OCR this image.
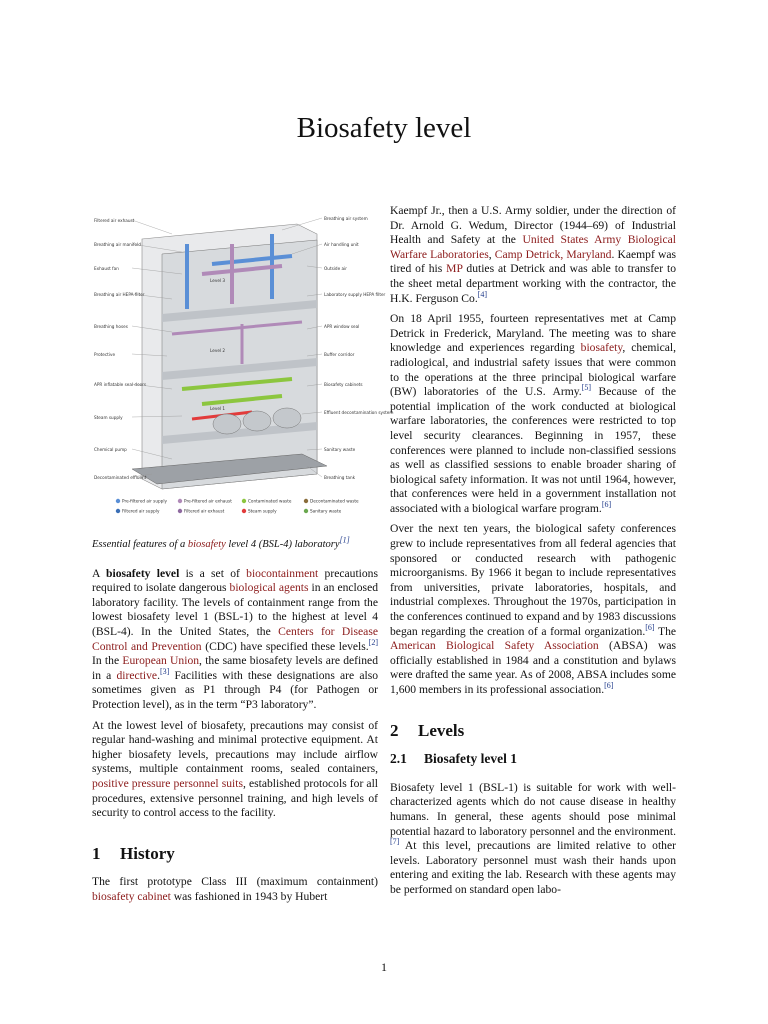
Biosafety level
Level 3
Level 2
Level 1
Filtered air exhaust
Breathing air manifold
Exhaust fan
Breathing air HEPA filter
Breathing hoses
Protective
APR inflatable seal doors
Steam supply
Chemical pump
Decontaminated effluent
Breathing air system
Air handling unit
Outside air
Laboratory supply HEPA filter
APR window seal
Buffer corridor
Biosafety cabinets
Effluent decontamination system
Sanitary waste
Breathing tank
Pre-filtered air supply	Pre-filtered air exhaust	Contaminated waste	Decontaminated waste
Filtered air supply	Filtered air exhaust	Steam supply	Sanitary waste
Essential features of a biosafety level 4 (BSL-4) laboratory[1]

A biosafety level is a set of biocontainment precautions required to isolate dangerous biological agents in an enclosed laboratory facility. The levels of containment range from the lowest biosafety level 1 (BSL-1) to the highest at level 4 (BSL-4). In the United States, the Centers for Disease Control and Prevention (CDC) have specified these levels.[2] In the European Union, the same biosafety levels are defined in a directive.[3] Facilities with these designations are also sometimes given as P1 through P4 (for Pathogen or Protection level), as in the term “P3 laboratory”.

At the lowest level of biosafety, precautions may consist of regular hand-washing and minimal protective equipment. At higher biosafety levels, precautions may include airflow systems, multiple containment rooms, sealed containers, positive pressure personnel suits, established protocols for all procedures, extensive personnel training, and high levels of security to control access to the facility.

1 History

The first prototype Class III (maximum containment) biosafety cabinet was fashioned in 1943 by Hubert

Kaempf Jr., then a U.S. Army soldier, under the direction of Dr. Arnold G. Wedum, Director (1944–69) of Industrial Health and Safety at the United States Army Biological Warfare Laboratories, Camp Detrick, Maryland. Kaempf was tired of his MP duties at Detrick and was able to transfer to the sheet metal department working with the contractor, the H.K. Ferguson Co.[4]

On 18 April 1955, fourteen representatives met at Camp Detrick in Frederick, Maryland. The meeting was to share knowledge and experiences regarding biosafety, chemical, radiological, and industrial safety issues that were common to the operations at the three principal biological warfare (BW) laboratories of the U.S. Army.[5] Because of the potential implication of the work conducted at biological warfare laboratories, the conferences were restricted to top level security clearances. Beginning in 1957, these conferences were planned to include non-classified sessions as well as classified sessions to enable broader sharing of biological safety information. It was not until 1964, however, that conferences were held in a government installation not associated with a biological warfare program.[6]

Over the next ten years, the biological safety conferences grew to include representatives from all federal agencies that sponsored or conducted research with pathogenic microorganisms. By 1966 it began to include representatives from universities, private laboratories, hospitals, and industrial complexes. Throughout the 1970s, participation in the conferences continued to expand and by 1983 discussions began regarding the creation of a formal organization.[6] The American Biological Safety Association (ABSA) was officially established in 1984 and a constitution and bylaws were drafted the same year. As of 2008, ABSA includes some 1,600 members in its professional association.[6]

2 Levels
2.1 Biosafety level 1

Biosafety level 1 (BSL-1) is suitable for work with well-characterized agents which do not cause disease in healthy humans. In general, these agents should pose minimal potential hazard to laboratory personnel and the environment.[7] At this level, precautions are limited relative to other levels. Laboratory personnel must wash their hands upon entering and exiting the lab. Research with these agents may be performed on standard open labo-

1
